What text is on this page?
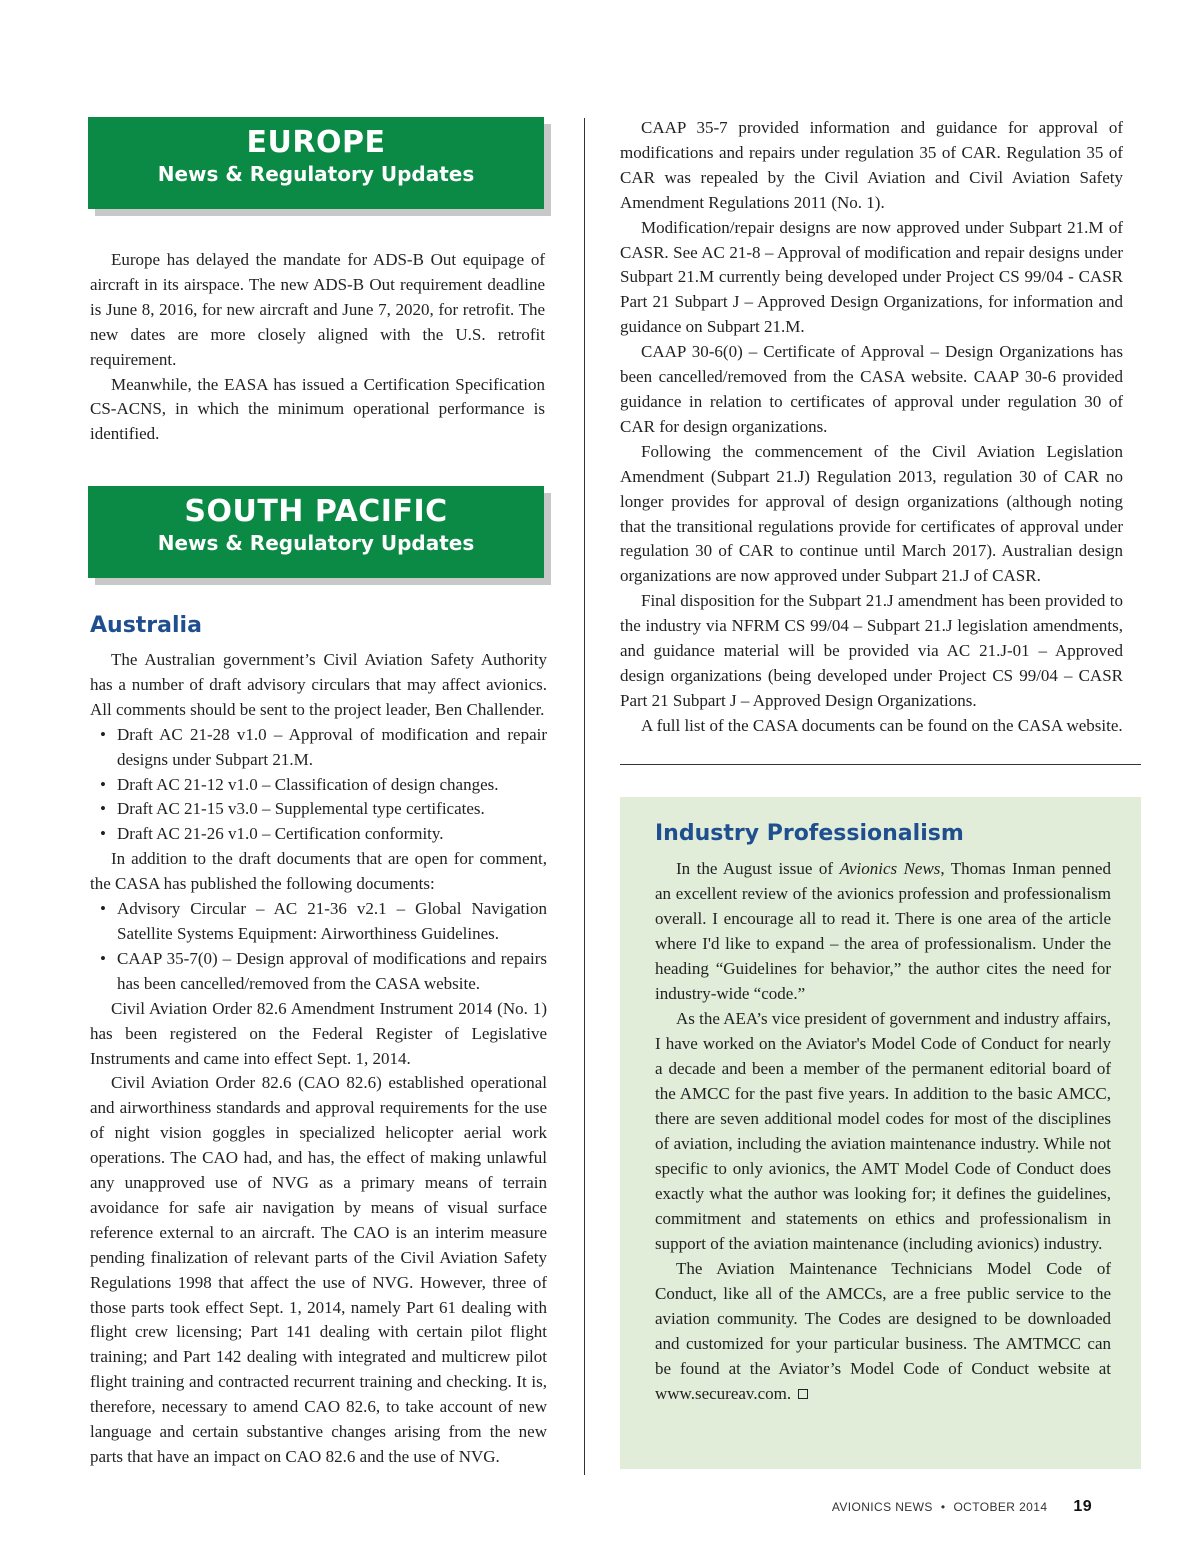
EUROPE
News & Regulatory Updates

Europe has delayed the mandate for ADS-B Out equipage of aircraft in its airspace. The new ADS-B Out requirement deadline is June 8, 2016, for new aircraft and June 7, 2020, for retrofit. The new dates are more closely aligned with the U.S. retrofit requirement.

Meanwhile, the EASA has issued a Certification Specification CS-ACNS, in which the minimum operational performance is identified.

SOUTH PACIFIC
News & Regulatory Updates
Australia

The Australian government’s Civil Aviation Safety Authority has a number of draft advisory circulars that may affect avionics. All comments should be sent to the project leader, Ben Challender.

• Draft AC 21-28 v1.0 – Approval of modification and repair designs under Subpart 21.M.
• Draft AC 21-12 v1.0 – Classification of design changes.
• Draft AC 21-15 v3.0 – Supplemental type certificates.
• Draft AC 21-26 v1.0 – Certification conformity.

In addition to the draft documents that are open for comment, the CASA has published the following documents:

• Advisory Circular – AC 21-36 v2.1 – Global Navigation Satellite Systems Equipment: Airworthiness Guidelines.
• CAAP 35-7(0) – Design approval of modifications and repairs has been cancelled/removed from the CASA website.

Civil Aviation Order 82.6 Amendment Instrument 2014 (No. 1) has been registered on the Federal Register of Legislative Instruments and came into effect Sept. 1, 2014.

Civil Aviation Order 82.6 (CAO 82.6) established operational and airworthiness standards and approval requirements for the use of night vision goggles in specialized helicopter aerial work operations. The CAO had, and has, the effect of making unlawful any unapproved use of NVG as a primary means of terrain avoidance for safe air navigation by means of visual surface reference external to an aircraft. The CAO is an interim measure pending finalization of relevant parts of the Civil Aviation Safety Regulations 1998 that affect the use of NVG. However, three of those parts took effect Sept. 1, 2014, namely Part 61 dealing with flight crew licensing; Part 141 dealing with certain pilot flight training; and Part 142 dealing with integrated and multicrew pilot flight training and contracted recurrent training and checking. It is, therefore, necessary to amend CAO 82.6, to take account of new language and certain substantive changes arising from the new parts that have an impact on CAO 82.6 and the use of NVG.

CAAP 35-7 provided information and guidance for approval of modifications and repairs under regulation 35 of CAR. Regulation 35 of CAR was repealed by the Civil Aviation and Civil Aviation Safety Amendment Regulations 2011 (No. 1).

Modification/repair designs are now approved under Subpart 21.M of CASR. See AC 21-8 – Approval of modification and repair designs under Subpart 21.M currently being developed under Project CS 99/04 - CASR Part 21 Subpart J – Approved Design Organizations, for information and guidance on Subpart 21.M.

CAAP 30-6(0) – Certificate of Approval – Design Organizations has been cancelled/removed from the CASA website. CAAP 30-6 provided guidance in relation to certificates of approval under regulation 30 of CAR for design organizations.

Following the commencement of the Civil Aviation Legislation Amendment (Subpart 21.J) Regulation 2013, regulation 30 of CAR no longer provides for approval of design organizations (although noting that the transitional regulations provide for certificates of approval under regulation 30 of CAR to continue until March 2017). Australian design organizations are now approved under Subpart 21.J of CASR.

Final disposition for the Subpart 21.J amendment has been provided to the industry via NFRM CS 99/04 – Subpart 21.J legislation amendments, and guidance material will be provided via AC 21.J-01 – Approved design organizations (being developed under Project CS 99/04 – CASR Part 21 Subpart J – Approved Design Organizations.

A full list of the CASA documents can be found on the CASA website.

Industry Professionalism

In the August issue of Avionics News, Thomas Inman penned an excellent review of the avionics profession and professionalism overall. I encourage all to read it. There is one area of the article where I'd like to expand – the area of professionalism. Under the heading “Guidelines for behavior,” the author cites the need for industry-wide “code.”

As the AEA’s vice president of government and industry affairs, I have worked on the Aviator's Model Code of Conduct for nearly a decade and been a member of the permanent editorial board of the AMCC for the past five years. In addition to the basic AMCC, there are seven additional model codes for most of the disciplines of aviation, including the aviation maintenance industry. While not specific to only avionics, the AMT Model Code of Conduct does exactly what the author was looking for; it defines the guidelines, commitment and statements on ethics and professionalism in support of the aviation maintenance (including avionics) industry.

The Aviation Maintenance Technicians Model Code of Conduct, like all of the AMCCs, are a free public service to the aviation community. The Codes are designed to be downloaded and customized for your particular business. The AMTMCC can be found at the Aviator’s Model Code of Conduct website at www.secureav.com.

AVIONICS NEWS • OCTOBER 2014 19
